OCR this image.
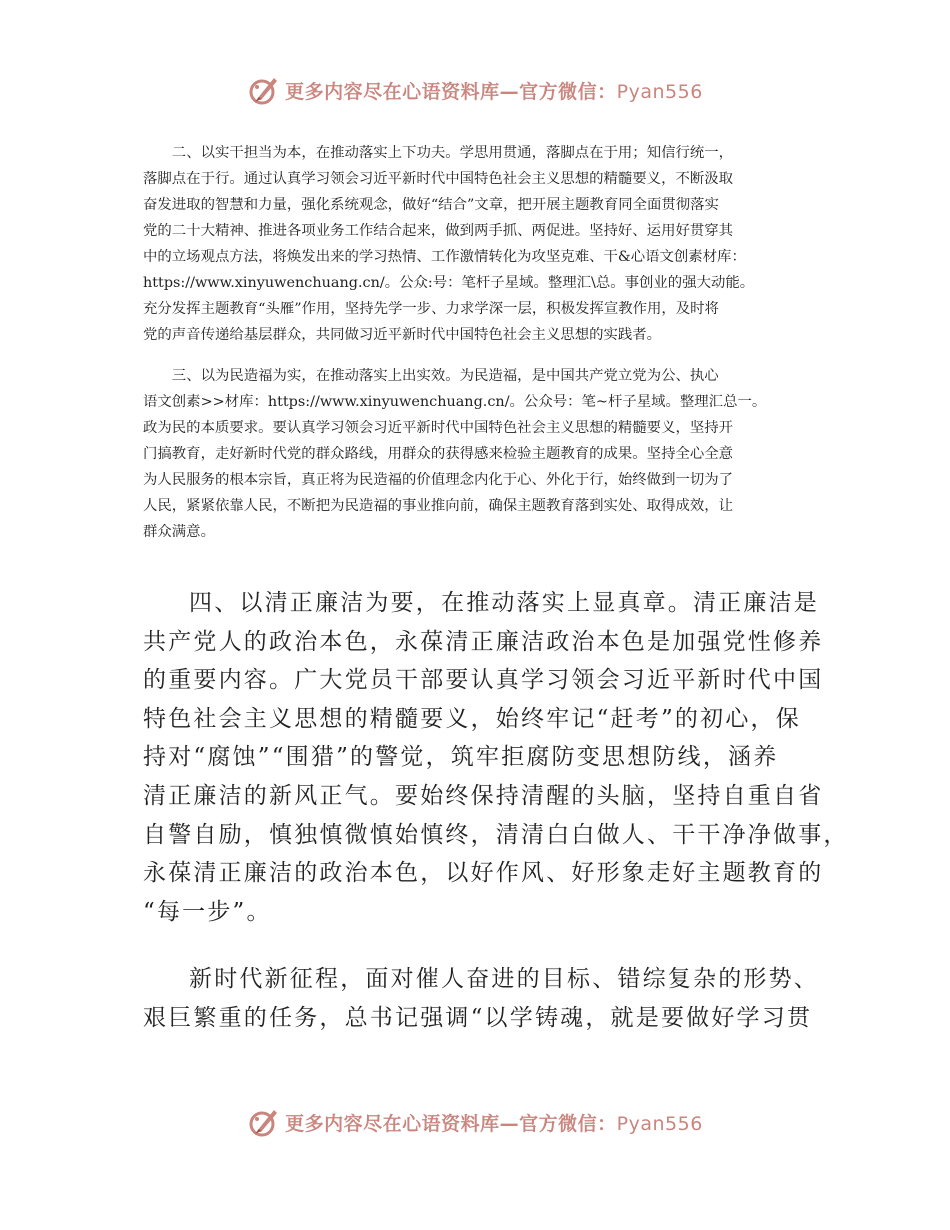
更多内容尽在心语资料库—官方微信：Pyan556
二、以实干担当为本，在推动落实上下功夫。学思用贯通，落脚点在于用；知信行统一，
落脚点在于行。通过认真学习领会习近平新时代中国特色社会主义思想的精髓要义，不断汲取
奋发进取的智慧和力量，强化系统观念，做好“结合”文章，把开展主题教育同全面贯彻落实
党的二十大精神、推进各项业务工作结合起来，做到两手抓、两促进。坚持好、运用好贯穿其
中的立场观点方法，将焕发出来的学习热情、工作激情转化为攻坚克难、干&心语文创素材库：
https://www.xinyuwenchuang.cn/。公众:号：笔杆子星域。整理汇\总。事创业的强大动能。
充分发挥主题教育“头雁”作用，坚持先学一步、力求学深一层，积极发挥宣教作用，及时将
党的声音传递给基层群众，共同做习近平新时代中国特色社会主义思想的实践者。
三、以为民造福为实，在推动落实上出实效。为民造福，是中国共产党立党为公、执心
语文创素>>材库：https://www.xinyuwenchuang.cn/。公众号：笔~杆子星域。整理汇总一。
政为民的本质要求。要认真学习领会习近平新时代中国特色社会主义思想的精髓要义，坚持开
门搞教育，走好新时代党的群众路线，用群众的获得感来检验主题教育的成果。坚持全心全意
为人民服务的根本宗旨，真正将为民造福的价值理念内化于心、外化于行，始终做到一切为了
人民，紧紧依靠人民，不断把为民造福的事业推向前，确保主题教育落到实处、取得成效，让
群众满意。
四、以清正廉洁为要，在推动落实上显真章。清正廉洁是
共产党人的政治本色，永葆清正廉洁政治本色是加强党性修养
的重要内容。广大党员干部要认真学习领会习近平新时代中国
特色社会主义思想的精髓要义，始终牢记“赶考”的初心，保
持对“腐蚀”“围猎”的警觉，筑牢拒腐防变思想防线，涵养
清正廉洁的新风正气。要始终保持清醒的头脑，坚持自重自省
自警自励，慎独慎微慎始慎终，清清白白做人、干干净净做事，
永葆清正廉洁的政治本色，以好作风、好形象走好主题教育的
“每一步”。
新时代新征程，面对催人奋进的目标、错综复杂的形势、
艰巨繁重的任务，总书记强调“以学铸魂，就是要做好学习贯
更多内容尽在心语资料库—官方微信：Pyan556
